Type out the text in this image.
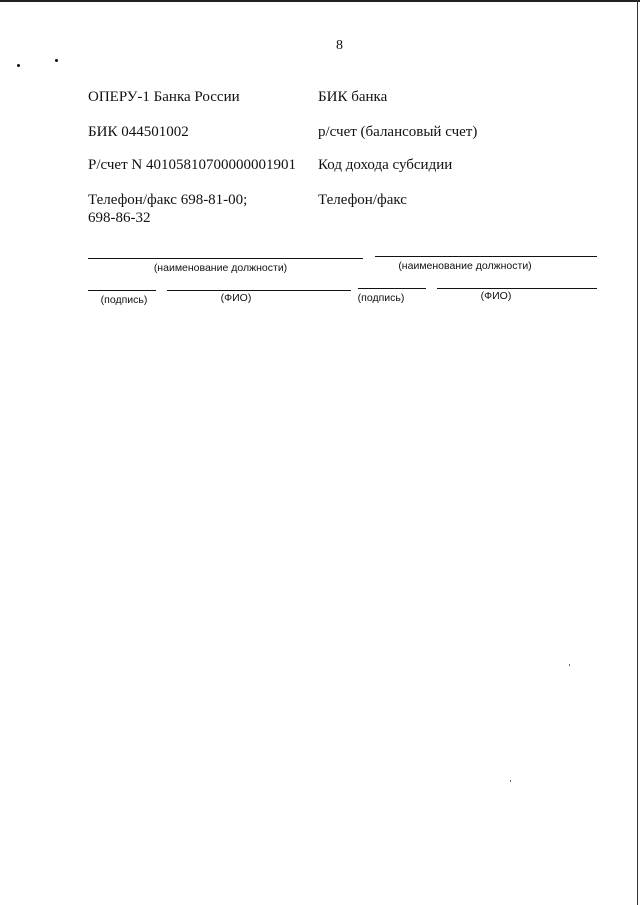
8
ОПЕРУ-1 Банка России
БИК 044501002
Р/счет N 40105810700000001901
Телефон/факс 698-81-00;
698-86-32
БИК банка
р/счет (балансовый счет)
Код дохода субсидии
Телефон/факс
(наименование должности)
(подпись)	(ФИО)
(наименование должности)
(подпись)	(ФИО)
